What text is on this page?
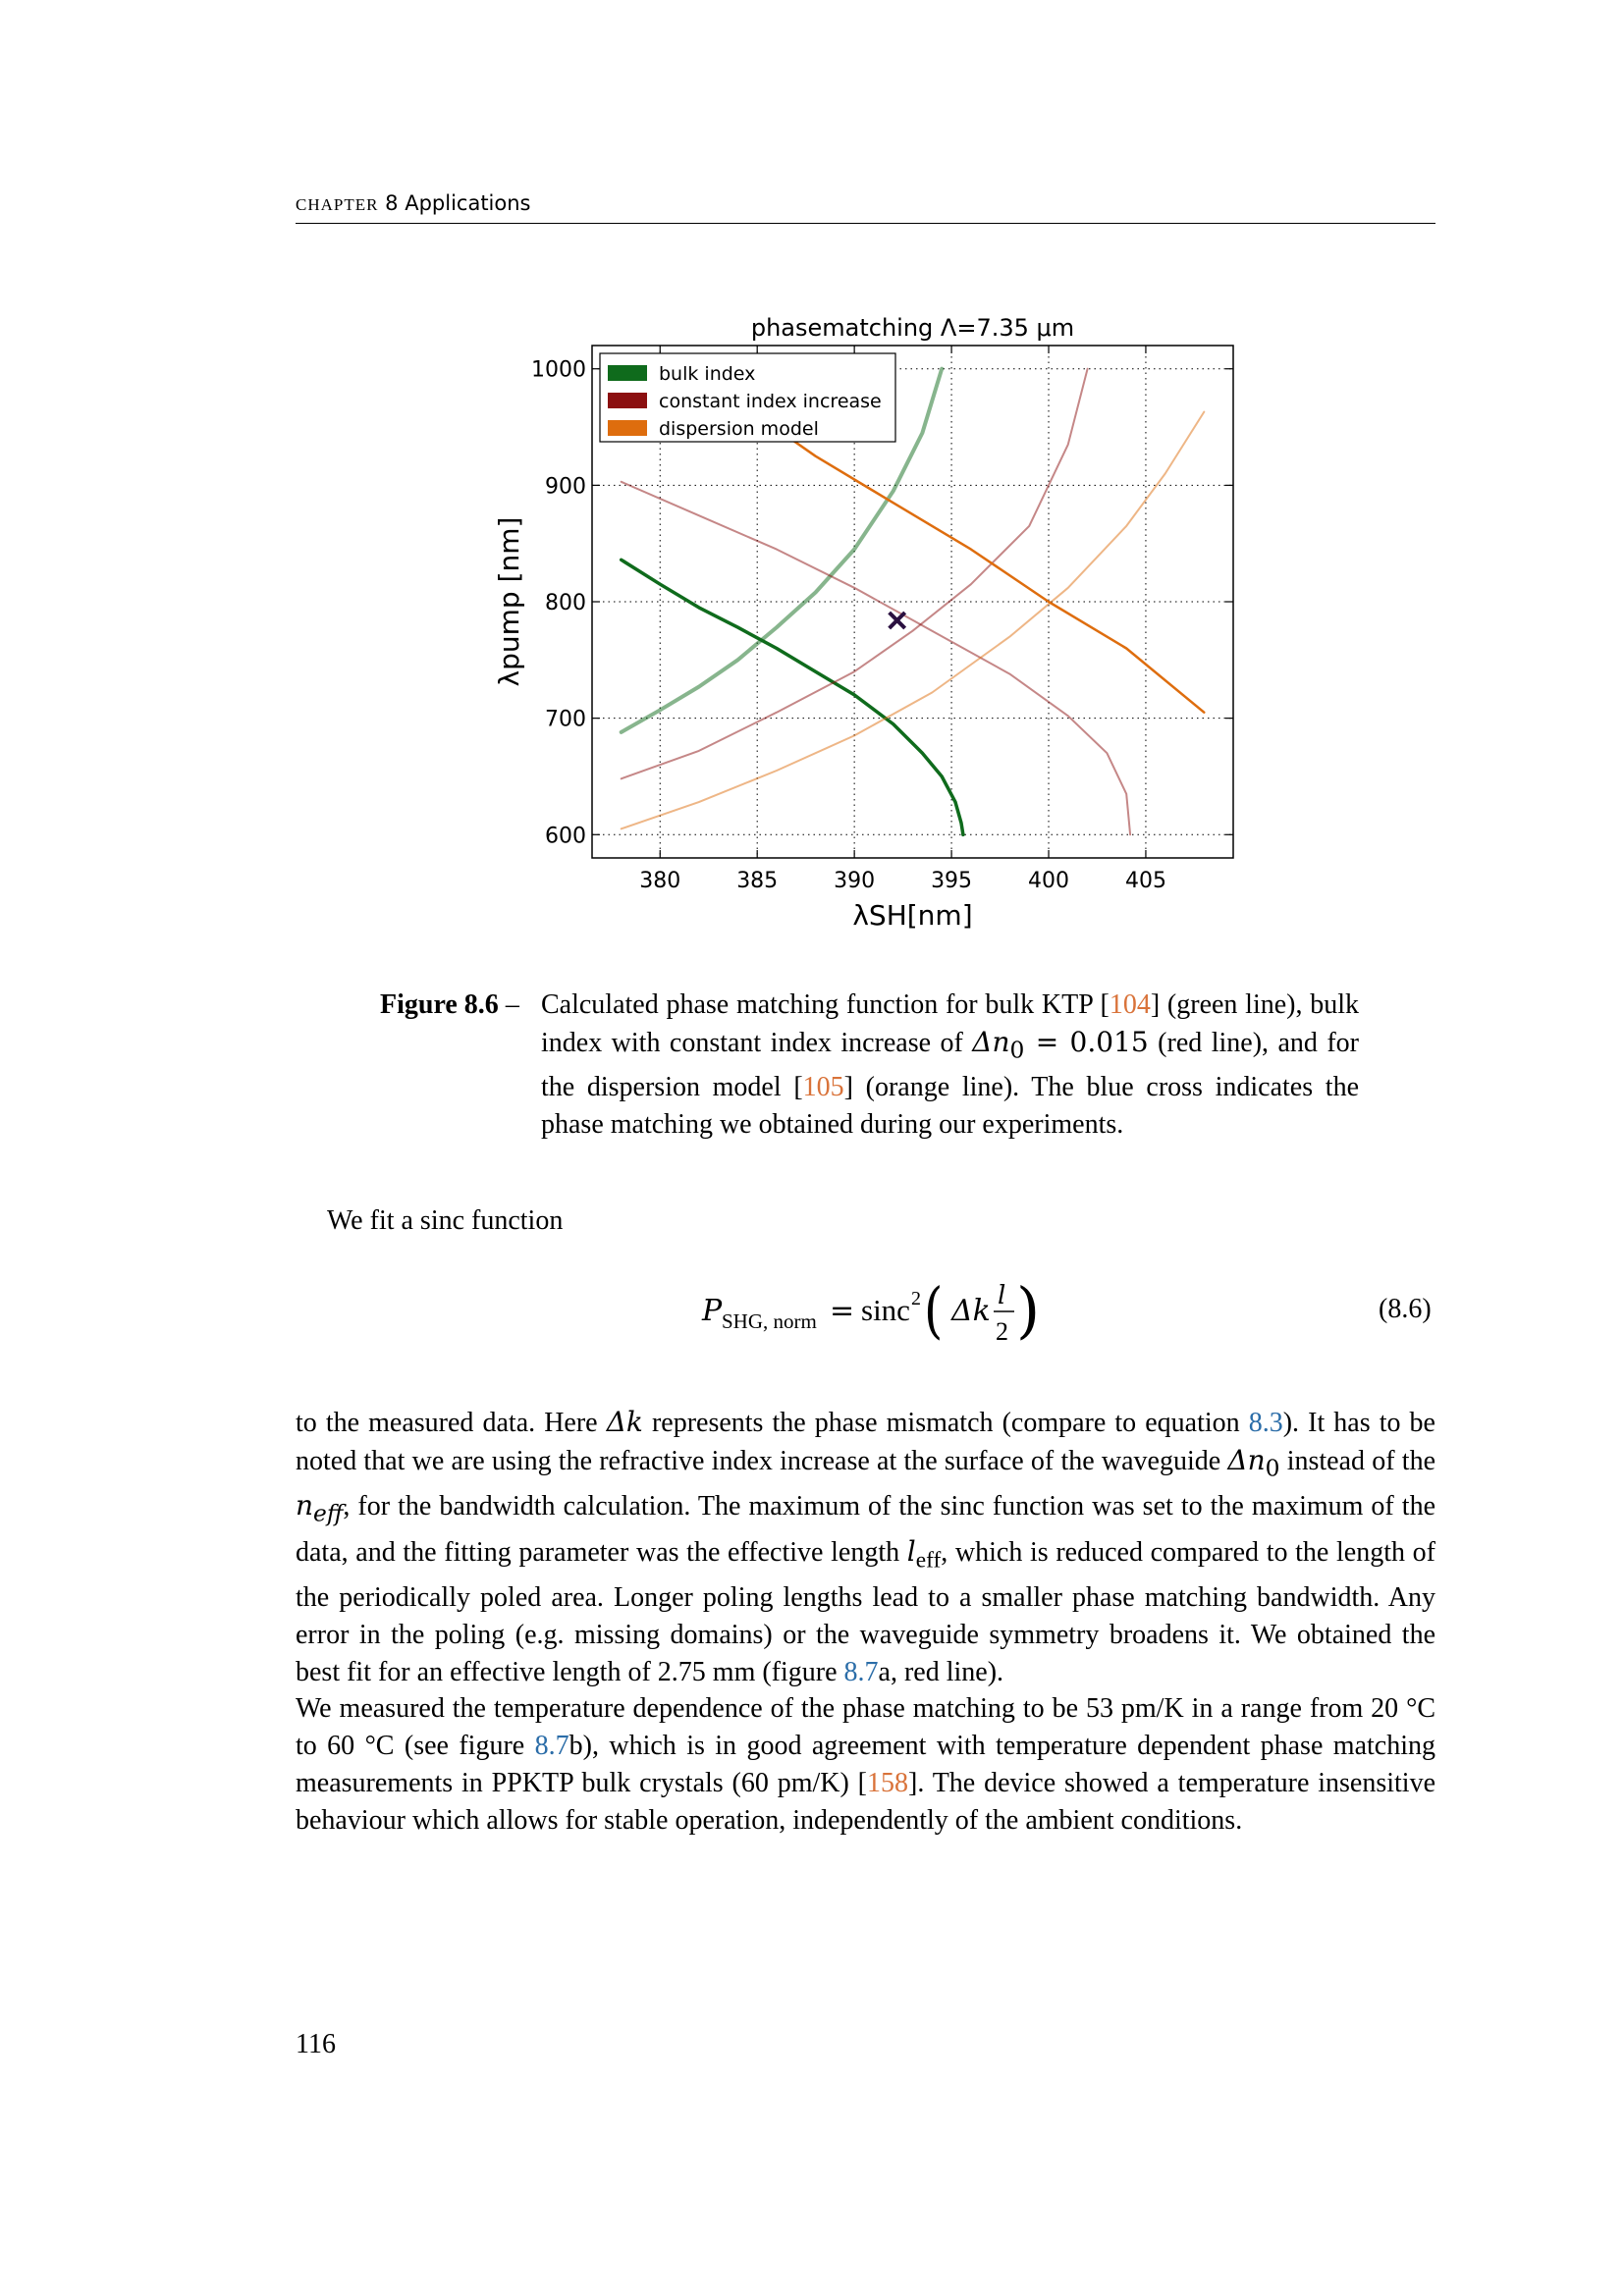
CHAPTER 8 Applications
380	385	390	395	400	405
600
700
800
900
1000
phasematching Λ=7.35 μm
λSH[nm]
λpump [nm]
bulk index
constant index increase
dispersion model
Figure 8.6 – Calculated phase matching function for bulk KTP [104] (green line), bulk index with constant index increase of $\Delta n_0 = 0.015$ (red line), and for the dispersion model [105] (orange line). The blue cross indicates the phase matching we obtained during our experiments.
We fit a sinc function
P SHG, norm = sinc 2 ( Δk l
2 )	(8.6)

to the measured data. Here Δk represents the phase mismatch (compare to equation 8.3). It has to be noted that we are using the refractive index increase at the surface of the waveguide $\Delta n_0$ instead of the $n_{eff}$, for the bandwidth calculation. The maximum of the sinc function was set to the maximum of the data, and the fitting parameter was the effective length $l_{eff}$, which is reduced compared to the length of the periodically poled area. Longer poling lengths lead to a smaller phase matching bandwidth. Any error in the poling (e.g. missing domains) or the waveguide symmetry broadens it. We obtained the best fit for an effective length of 2.75 mm (figure 8.7a, red line).

We measured the temperature dependence of the phase matching to be 53 pm/K in a range from 20 °C to 60 °C (see figure 8.7b), which is in good agreement with temperature dependent phase matching measurements in PPKTP bulk crystals (60 pm/K) [158]. The device showed a temperature insensitive behaviour which allows for stable operation, independently of the ambient conditions.

116
